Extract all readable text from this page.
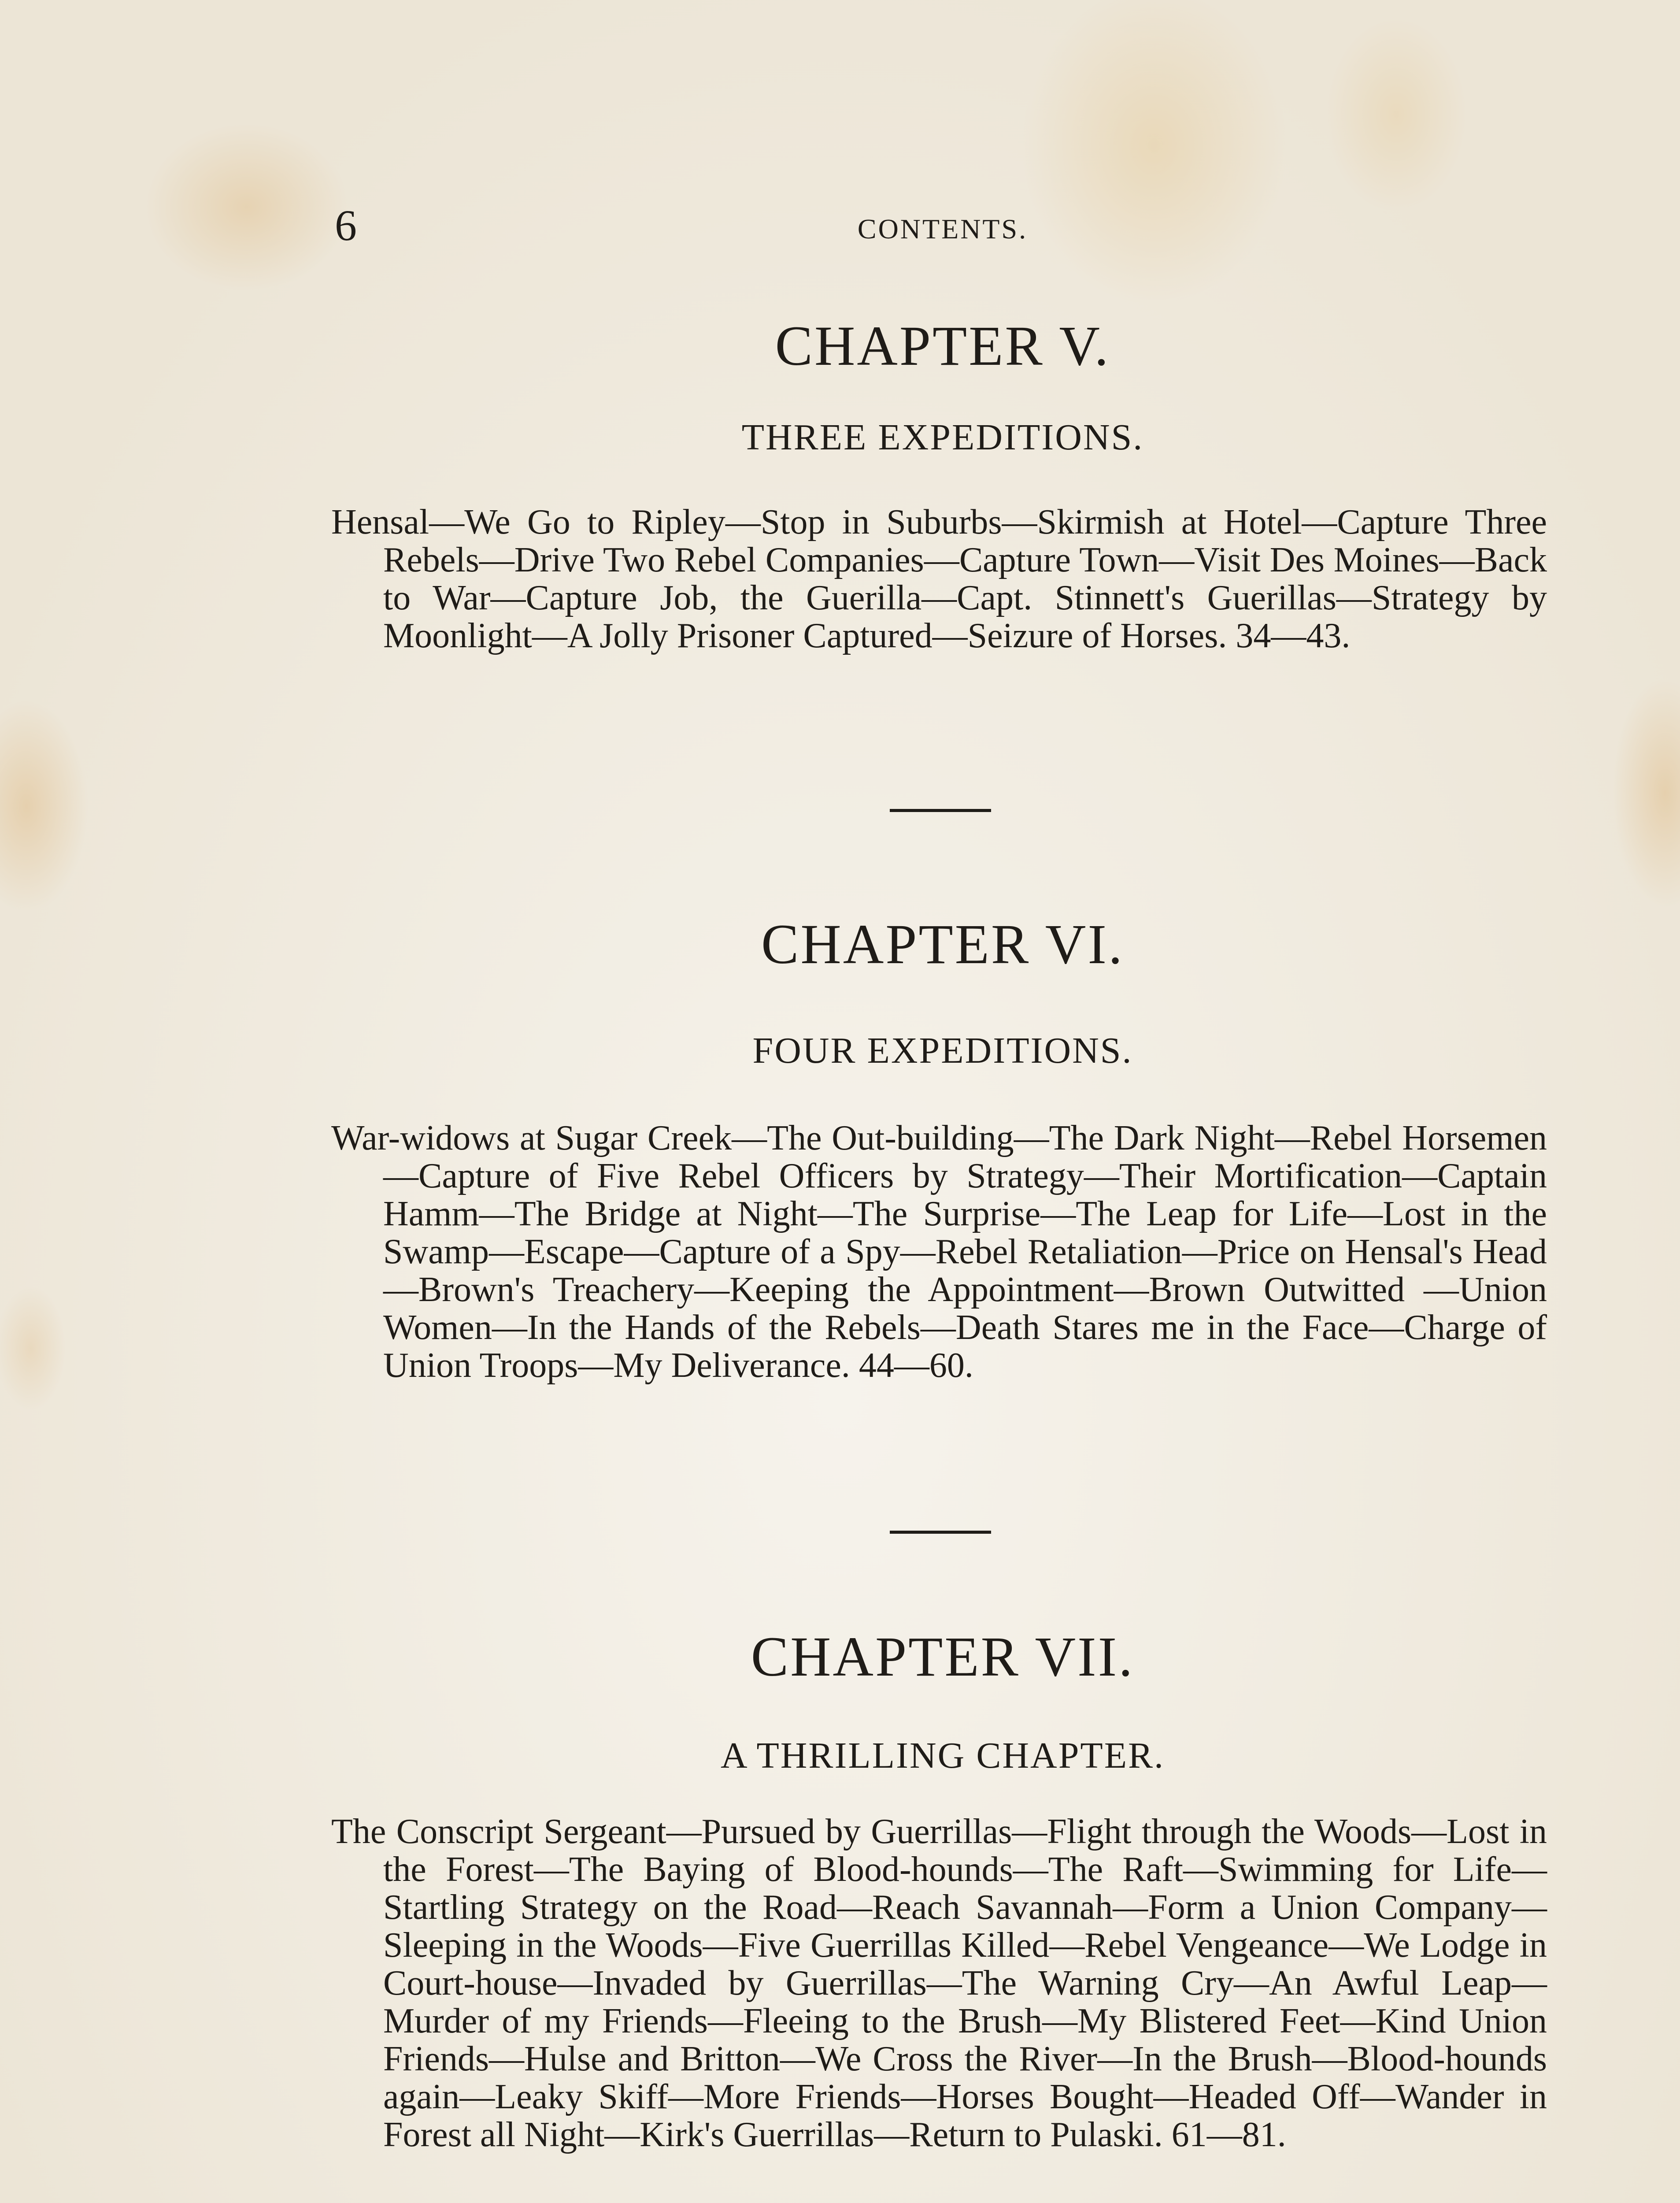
6	CONTENTS.
CHAPTER V.
THREE EXPEDITIONS.

Hensal—We Go to Ripley—Stop in Suburbs—Skirmish at Hotel—Capture Three Rebels—Drive Two Rebel Companies—Capture Town—Visit Des Moines—Back to War—Capture Job, the Guerilla—Capt. Stinnett's Guerillas—Strategy by Moonlight—A Jolly Prisoner Captured—Seizure of Horses. 34—43.

CHAPTER VI.
FOUR EXPEDITIONS.

War-widows at Sugar Creek—The Out-building—The Dark Night—Rebel Horsemen—Capture of Five Rebel Officers by Strategy—Their Mortification—Captain Hamm—The Bridge at Night—The Surprise—The Leap for Life—Lost in the Swamp—Escape—Capture of a Spy—Rebel Retaliation—Price on Hensal's Head—Brown's Treachery—Keeping the Appointment—Brown Outwitted —Union Women—In the Hands of the Rebels—Death Stares me in the Face—Charge of Union Troops—My Deliverance. 44—60.

CHAPTER VII.
A THRILLING CHAPTER.

The Conscript Sergeant—Pursued by Guerrillas—Flight through the Woods—Lost in the Forest—The Baying of Blood-hounds—The Raft—Swimming for Life—Startling Strategy on the Road—Reach Savannah—Form a Union Company—Sleeping in the Woods—Five Guerrillas Killed—Rebel Vengeance—We Lodge in Court-house—Invaded by Guerrillas—The Warning Cry—An Awful Leap—Murder of my Friends—Fleeing to the Brush—My Blistered Feet—Kind Union Friends—Hulse and Britton—We Cross the River—In the Brush—Blood-hounds again—Leaky Skiff—More Friends—Horses Bought—Headed Off—Wander in Forest all Night—Kirk's Guerrillas—Return to Pulaski. 61—81.
